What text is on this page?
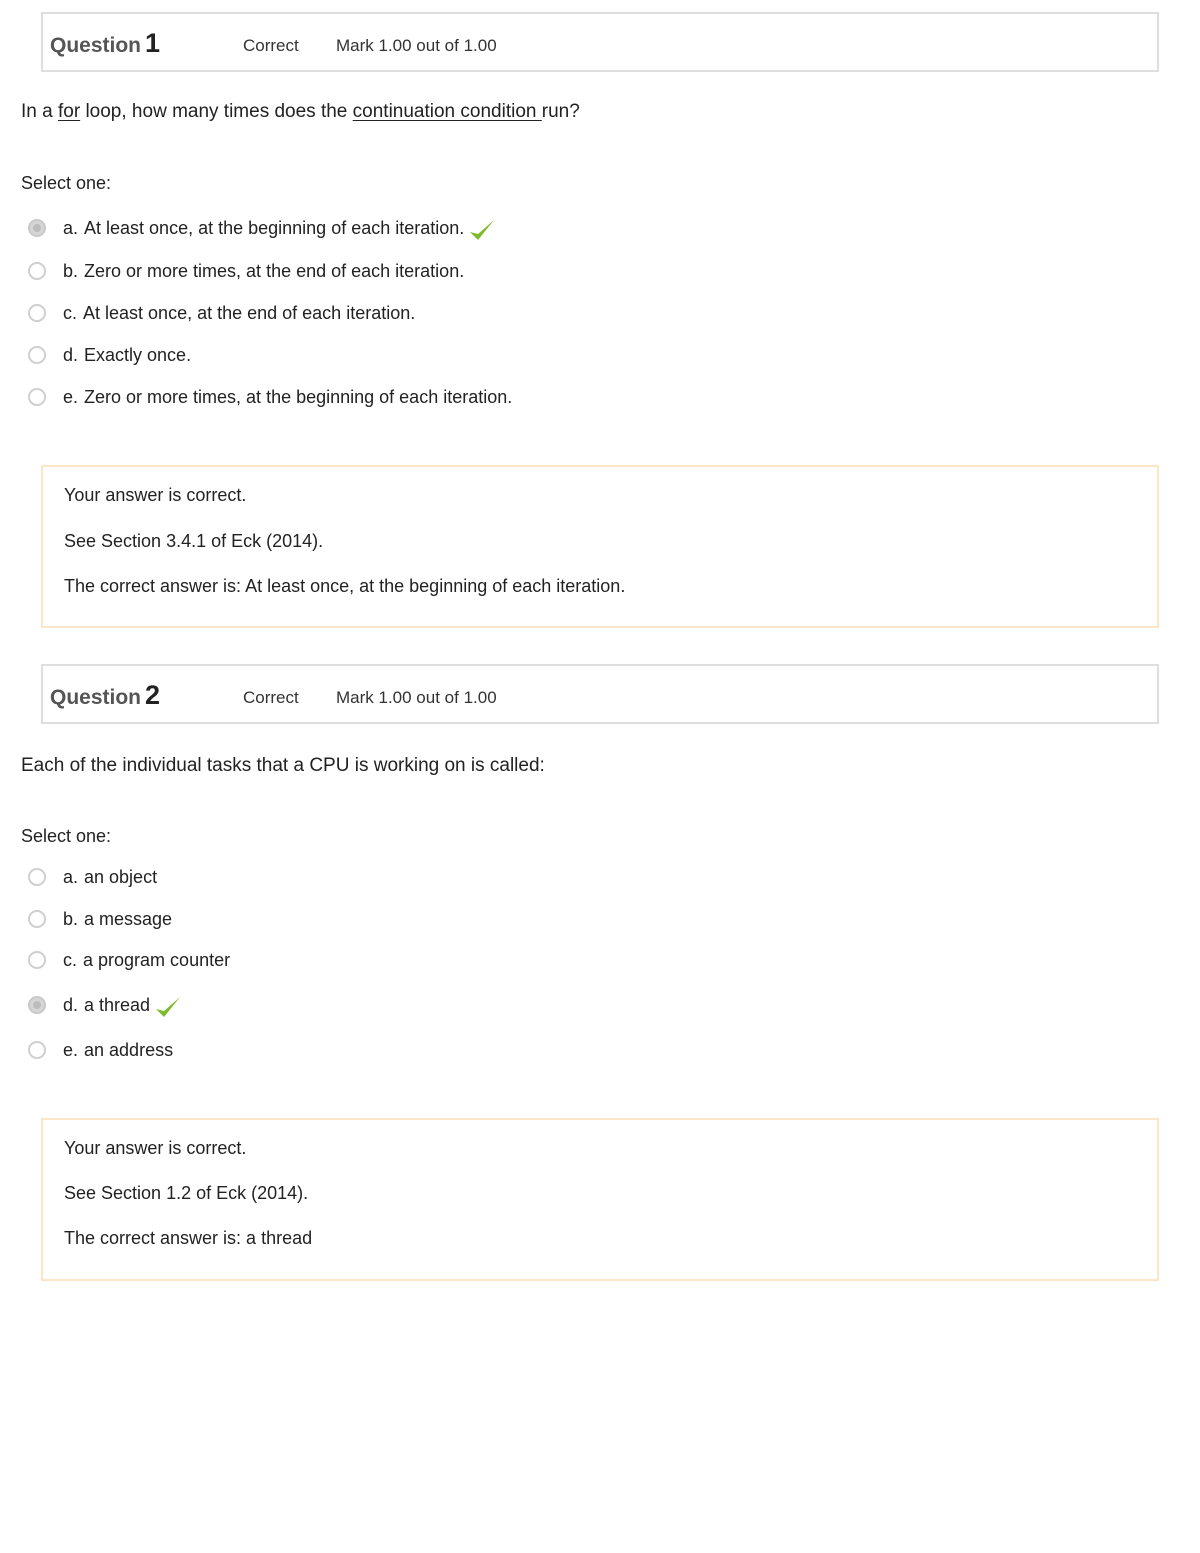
Question 1	Correct Mark 1.00 out of 1.00
In a for loop, how many times does the continuation condition run?
Select one:
a. At least once, at the beginning of each iteration.
b. Zero or more times, at the end of each iteration.
c. At least once, at the end of each iteration.
d. Exactly once.
e. Zero or more times, at the beginning of each iteration.
Your answer is correct.
See Section 3.4.1 of Eck (2014).
The correct answer is: At least once, at the beginning of each iteration.
Question 2	Correct Mark 1.00 out of 1.00
Each of the individual tasks that a CPU is working on is called:
Select one:
a. an object
b. a message
c. a program counter
d. a thread
e. an address
Your answer is correct.
See Section 1.2 of Eck (2014).
The correct answer is: a thread
